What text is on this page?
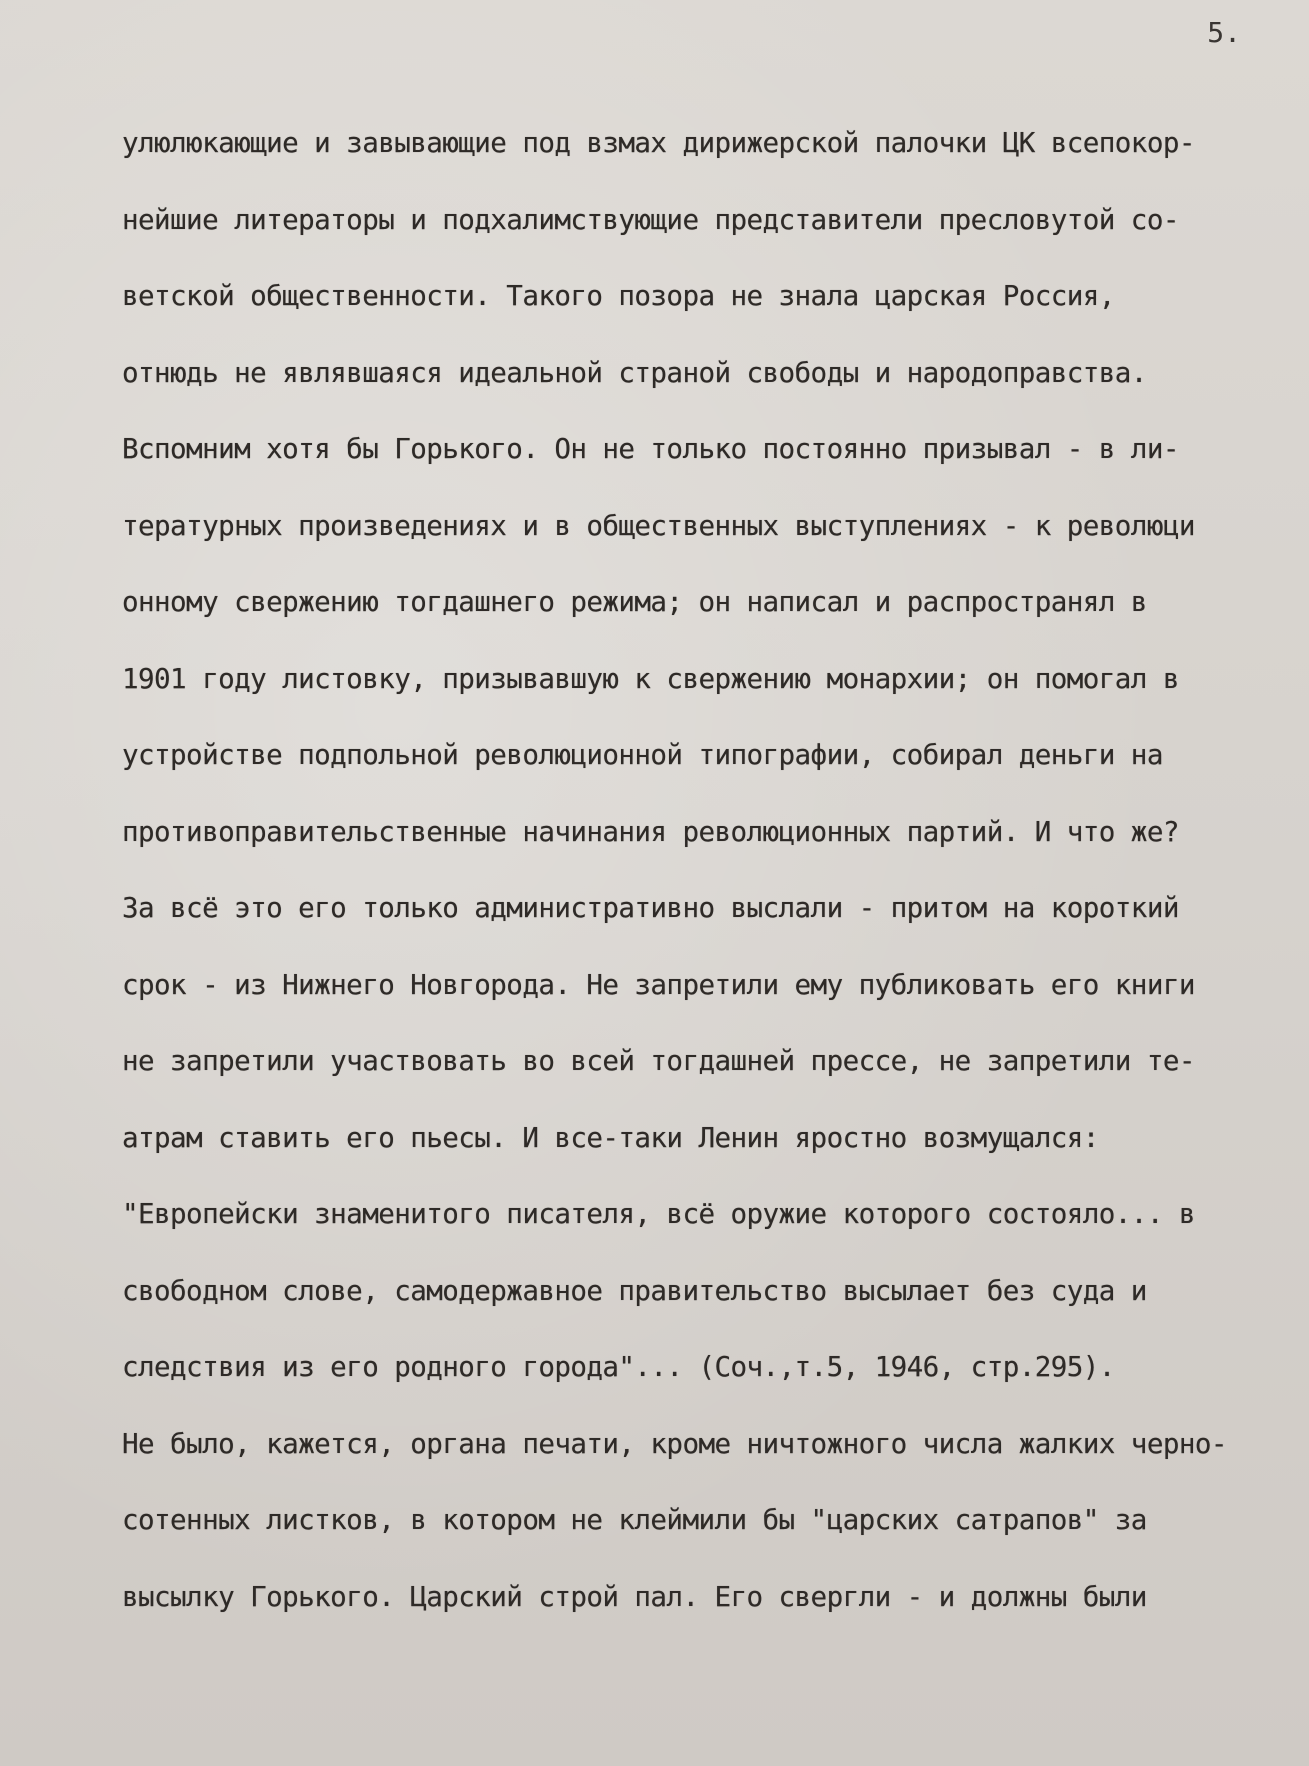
5.
улюлюкающие и завывающие под взмах дирижерской палочки ЦК всепокор-
нейшие литераторы и подхалимствующие представители пресловутой со-
ветской общественности. Такого позора не знала царская Россия,
отнюдь не являвшаяся идеальной страной свободы и народоправства.
Вспомним хотя бы Горького. Он не только постоянно призывал - в ли-
тературных произведениях и в общественных выступлениях - к революци
онному свержению тогдашнего режима; он написал и распространял в
1901 году листовку, призывавшую к свержению монархии; он помогал в
устройстве подпольной революционной типографии, собирал деньги на
противоправительственные начинания революционных партий. И что же?
За всё это его только административно выслали - притом на короткий
срок - из Нижнего Новгорода. Не запретили ему публиковать его книги
не запретили участвовать во всей тогдашней прессе, не запретили те-
атрам ставить его пьесы. И все-таки Ленин яростно возмущался:
"Европейски знаменитого писателя, всё оружие которого состояло... в
свободном слове, самодержавное правительство высылает без суда и
следствия из его родного города"... (Соч.,т.5, 1946, стр.295).
Не было, кажется, органа печати, кроме ничтожного числа жалких черно-
сотенных листков, в котором не клеймили бы "царских сатрапов" за
высылку Горького. Царский строй пал. Его свергли - и должны были
